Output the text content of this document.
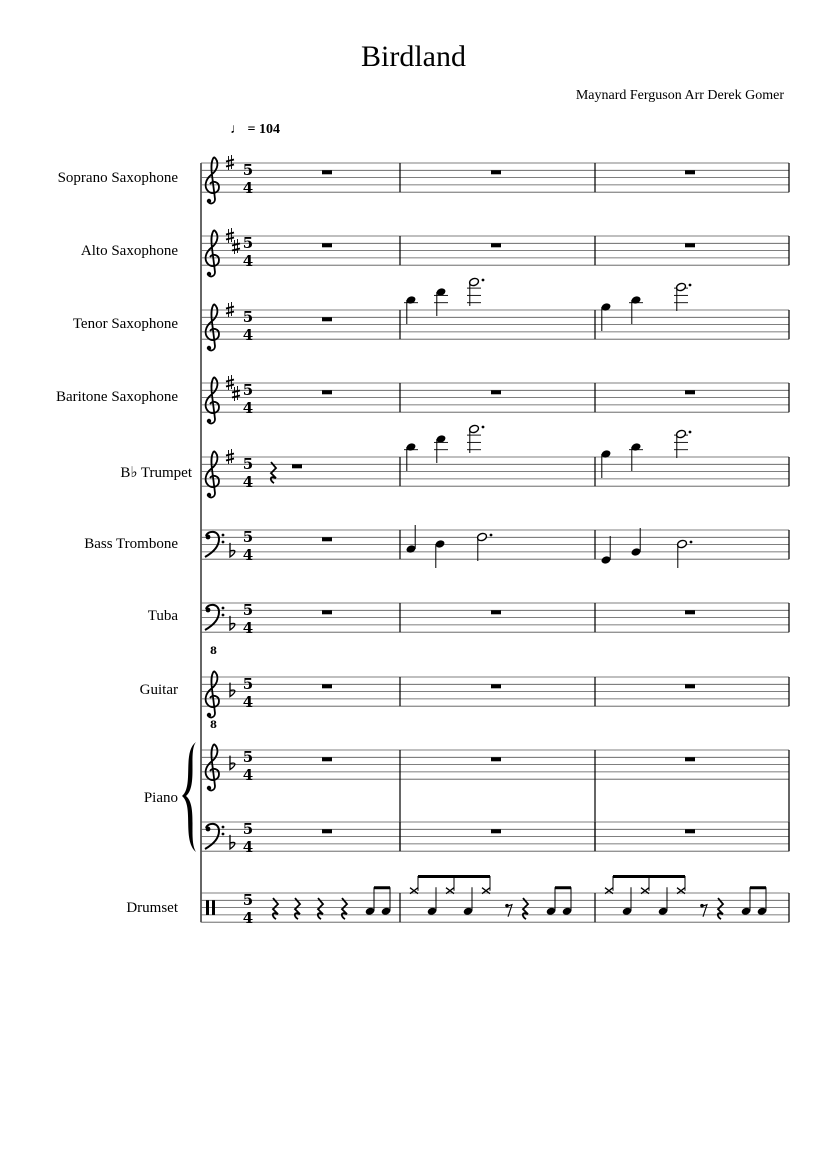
Birdland
Maynard Ferguson Arr Derek Gomer
♩ = 104
Soprano Saxophone
Alto Saxophone
Tenor Saxophone
Baritone Saxophone
B♭ Trumpet
Bass Trombone
Tuba
Guitar
Piano
Drumset
5
4
5
4
5
4
5
4
5
4
5
4
8
5
4
8
5
4
5
4
5
4
5
4
